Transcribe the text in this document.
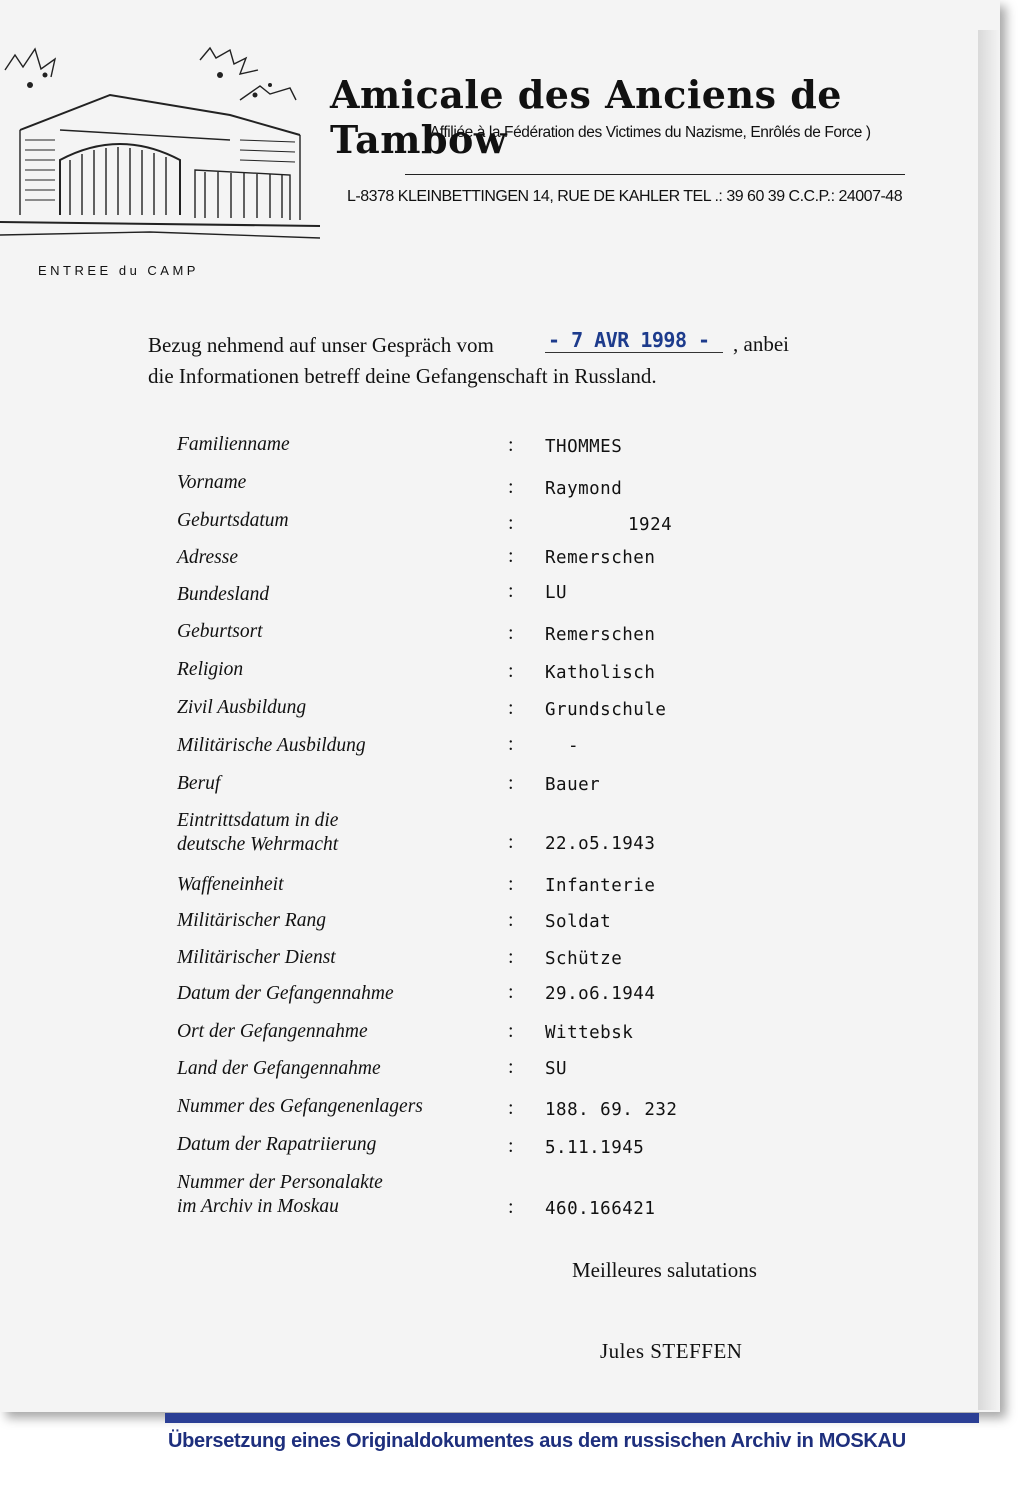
Amicale des Anciens de Tambow
(Affiliée à la Fédération des Victimes du Nazisme, Enrôlés de Force )
L-8378 KLEINBETTINGEN 14, RUE DE KAHLER TEL .: 39 60 39 C.C.P.: 24007-48
ENTREE du CAMP
Bezug nehmend auf unser Gespräch vom
die Informationen betreff deine Gefangenschaft in Russland.
- 7 AVR 1998 - , anbei
Familienname	: THOMMES
Vorname	: Raymond
Geburtsdatum	:	1924
Adresse	: Remerschen
Bundesland	: LU
Geburtsort	: Remerschen
Religion	: Katholisch
Zivil Ausbildung	: Grundschule
Militärische Ausbildung	:	-
Beruf	: Bauer
Eintrittsdatum in die
deutsche Wehrmacht	: 22.o5.1943
Waffeneinheit	: Infanterie
Militärischer Rang	: Soldat
Militärischer Dienst	: Schütze
Datum der Gefangennahme	: 29.o6.1944
Ort der Gefangennahme	: Wittebsk
Land der Gefangennahme	: SU
Nummer des Gefangenenlagers	: 188. 69. 232
Datum der Rapatriierung	: 5.11.1945
Nummer der Personalakte
im Archiv in Moskau	: 460.166421
Meilleures salutations
Jules STEFFEN
Übersetzung eines Originaldokumentes aus dem russischen Archiv in MOSKAU
